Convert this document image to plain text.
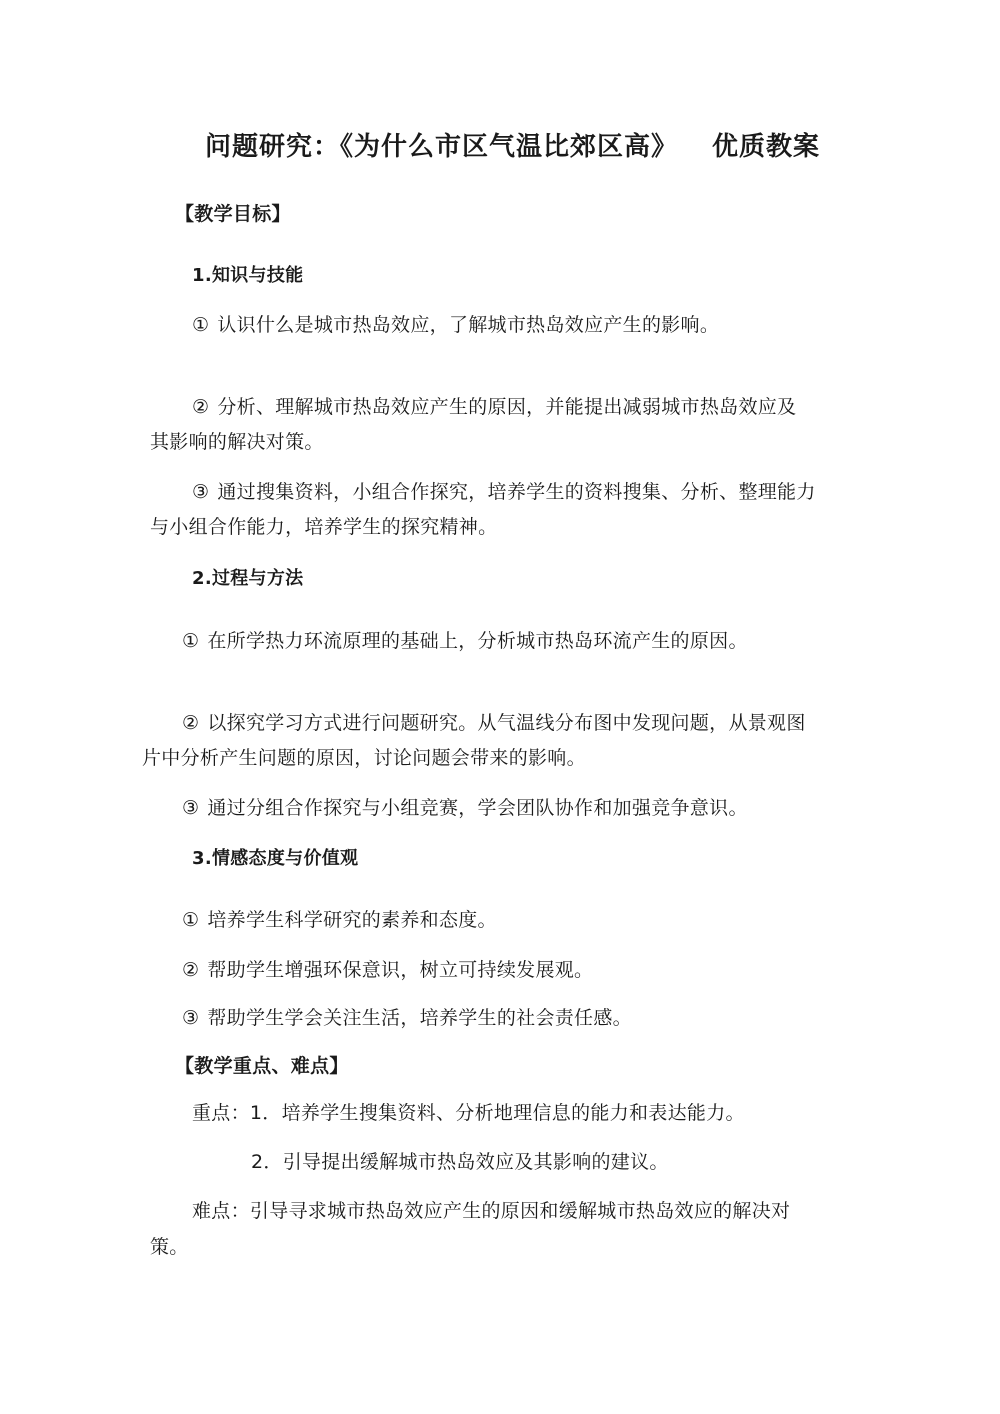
问题研究：《为什么市区气温比郊区高》 优质教案
【教学目标】
1.知识与技能
① 认识什么是城市热岛效应，了解城市热岛效应产生的影响。
② 分析、理解城市热岛效应产生的原因，并能提出减弱城市热岛效应及
其影响的解决对策。
③ 通过搜集资料，小组合作探究，培养学生的资料搜集、分析、整理能力
与小组合作能力，培养学生的探究精神。
2.过程与方法
① 在所学热力环流原理的基础上，分析城市热岛环流产生的原因。
② 以探究学习方式进行问题研究。从气温线分布图中发现问题，从景观图
片中分析产生问题的原因，讨论问题会带来的影响。
③ 通过分组合作探究与小组竞赛，学会团队协作和加强竞争意识。
3.情感态度与价值观
① 培养学生科学研究的素养和态度。
② 帮助学生增强环保意识，树立可持续发展观。
③ 帮助学生学会关注生活，培养学生的社会责任感。
【教学重点、难点】
重点：1．培养学生搜集资料、分析地理信息的能力和表达能力。
2．引导提出缓解城市热岛效应及其影响的建议。
难点：引导寻求城市热岛效应产生的原因和缓解城市热岛效应的解决对
策。
